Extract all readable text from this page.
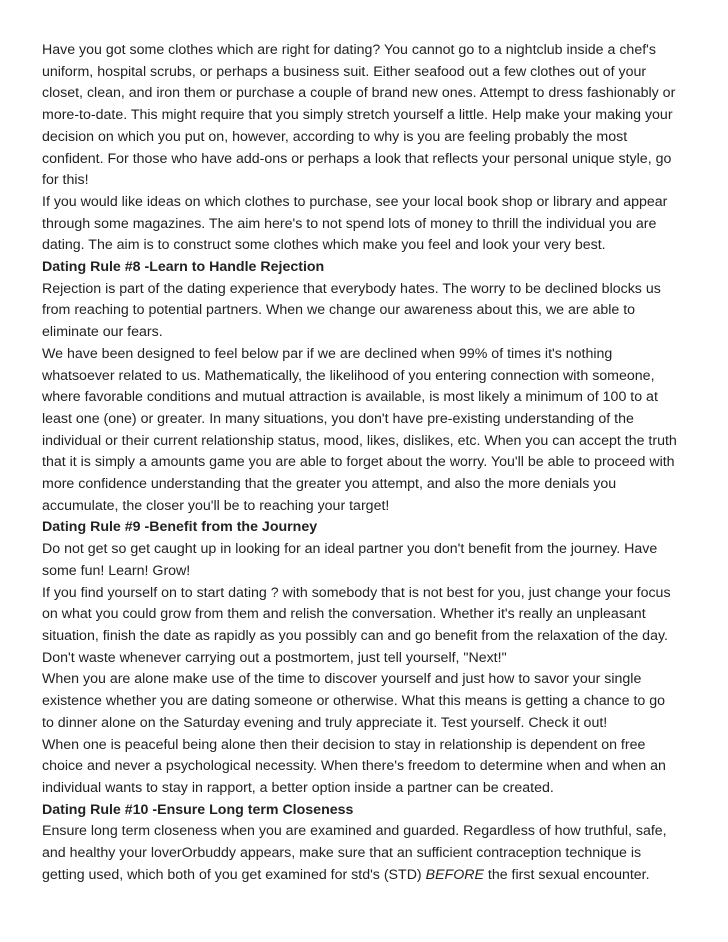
Have you got some clothes which are right for dating? You cannot go to a nightclub inside a chef's
uniform, hospital scrubs, or perhaps a business suit. Either seafood out a few clothes out of your
closet, clean, and iron them or purchase a couple of brand new ones. Attempt to dress fashionably or
more-to-date. This might require that you simply stretch yourself a little. Help make your making your
decision on which you put on, however, according to why is you are feeling probably the most
confident. For those who have add-ons or perhaps a look that reflects your personal unique style, go
for this!
If you would like ideas on which clothes to purchase, see your local book shop or library and appear
through some magazines. The aim here's to not spend lots of money to thrill the individual you are
dating. The aim is to construct some clothes which make you feel and look your very best.
Dating Rule #8 -Learn to Handle Rejection
Rejection is part of the dating experience that everybody hates. The worry to be declined blocks us
from reaching to potential partners. When we change our awareness about this, we are able to
eliminate our fears.
We have been designed to feel below par if we are declined when 99% of times it's nothing
whatsoever related to us. Mathematically, the likelihood of you entering connection with someone,
where favorable conditions and mutual attraction is available, is most likely a minimum of 100 to at
least one (one) or greater. In many situations, you don't have pre-existing understanding of the
individual or their current relationship status, mood, likes, dislikes, etc. When you can accept the truth
that it is simply a amounts game you are able to forget about the worry. You'll be able to proceed with
more confidence understanding that the greater you attempt, and also the more denials you
accumulate, the closer you'll be to reaching your target!
Dating Rule #9 -Benefit from the Journey
Do not get so get caught up in looking for an ideal partner you don't benefit from the journey. Have
some fun! Learn! Grow!
If you find yourself on to start dating ? with somebody that is not best for you, just change your focus
on what you could grow from them and relish the conversation. Whether it's really an unpleasant
situation, finish the date as rapidly as you possibly can and go benefit from the relaxation of the day.
Don't waste whenever carrying out a postmortem, just tell yourself, "Next!"
When you are alone make use of the time to discover yourself and just how to savor your single
existence whether you are dating someone or otherwise. What this means is getting a chance to go
to dinner alone on the Saturday evening and truly appreciate it. Test yourself. Check it out!
When one is peaceful being alone then their decision to stay in relationship is dependent on free
choice and never a psychological necessity. When there's freedom to determine when and when an
individual wants to stay in rapport, a better option inside a partner can be created.
Dating Rule #10 -Ensure Long term Closeness
Ensure long term closeness when you are examined and guarded. Regardless of how truthful, safe,
and healthy your loverOrbuddy appears, make sure that an sufficient contraception technique is
getting used, which both of you get examined for std's (STD) BEFORE the first sexual encounter.
